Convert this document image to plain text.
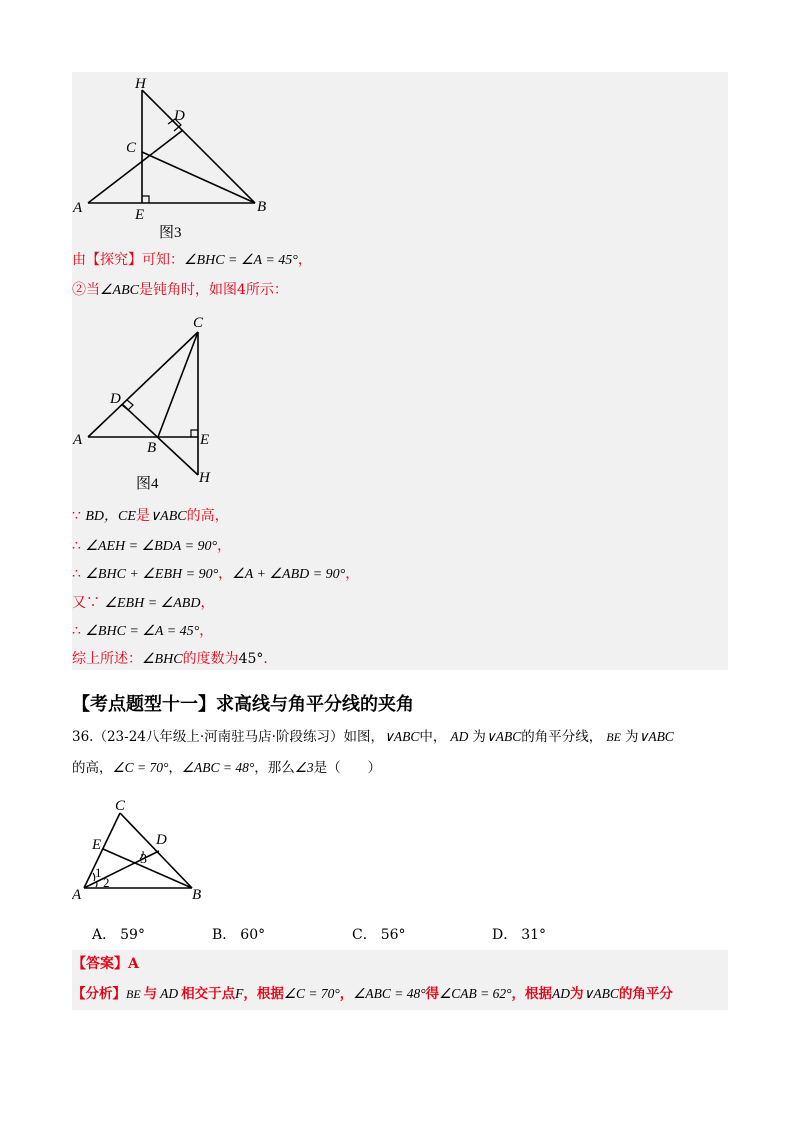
H
D
C
A	E	B
图3
由【探究】可知：∠BHC = ∠A = 45°，
②当∠ABC是钝角时，如图4所示：
C
D
A	B	E
H
图4
∵ BD，CE是∨ABC的高，
∴ ∠AEH = ∠BDA = 90°，
∴ ∠BHC + ∠EBH = 90°，∠A + ∠ABD = 90°，
又∵ ∠EBH = ∠ABD，
∴ ∠BHC = ∠A = 45°，
综上所述：∠BHC的度数为45°．
【考点题型十一】求高线与角平分线的夹角
36.（23-24八年级上·河南驻马店·阶段练习）如图，∨ABC中， AD 为∨ABC的角平分线， BE 为∨ABC
的高，∠C = 70°，∠ABC = 48°，那么∠3是（　　）
C
E	D
3
1
2
A	B
A． 59°	B． 60°	C． 56°	D． 31°
【答案】A
【分析】BE 与 AD 相交于点F，根据∠C = 70°，∠ABC = 48°得∠CAB = 62°，根据AD为∨ABC的角平分
